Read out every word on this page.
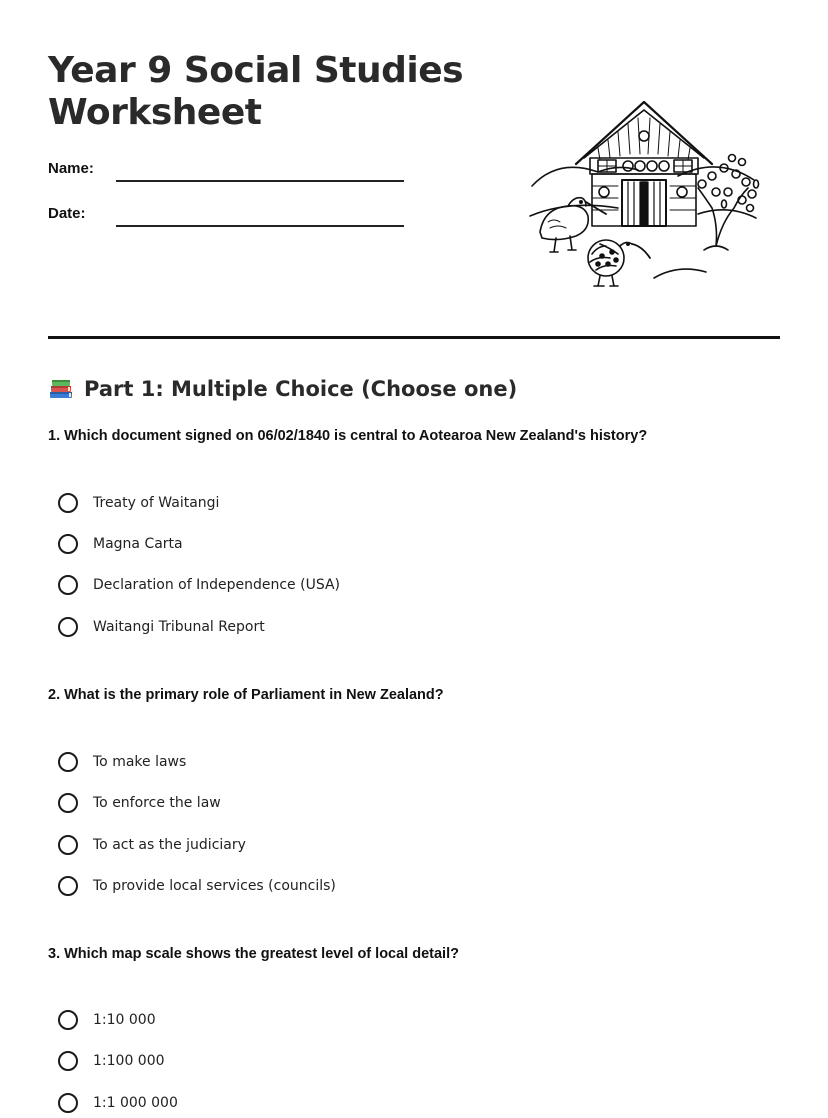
Year 9 Social Studies
Worksheet
Name:
Date:
Part 1: Multiple Choice (Choose one)

1. Which document signed on 06/02/1840 is central to Aotearoa New Zealand's history?

Treaty of Waitangi
Magna Carta
Declaration of Independence (USA)
Waitangi Tribunal Report

2. What is the primary role of Parliament in New Zealand?

To make laws
To enforce the law
To act as the judiciary
To provide local services (councils)

3. Which map scale shows the greatest level of local detail?

1:10 000
1:100 000
1:1 000 000
